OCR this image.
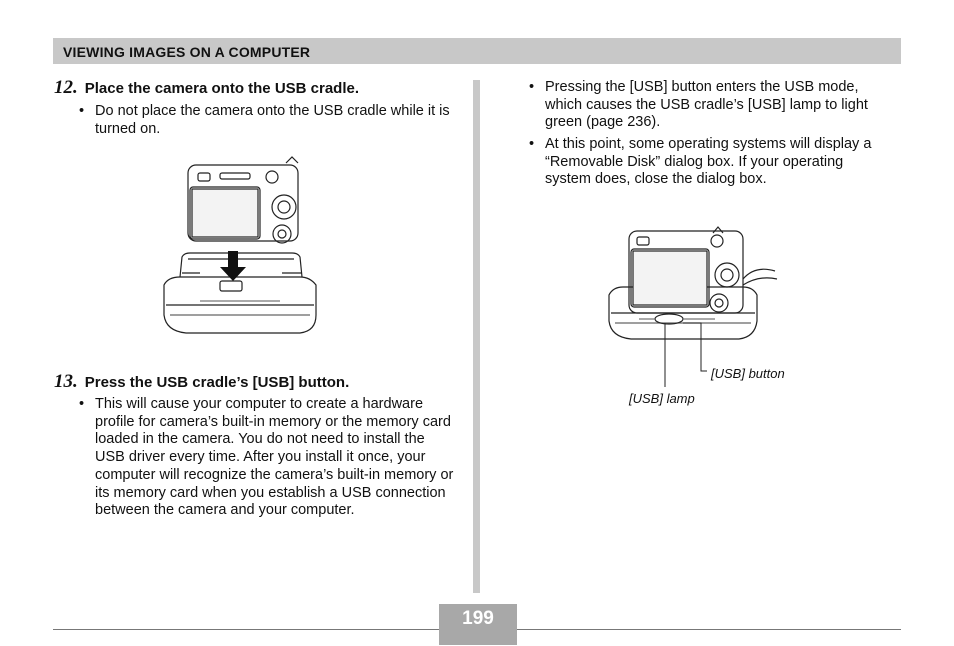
VIEWING IMAGES ON A COMPUTER
12. Place the camera onto the USB cradle.
• Do not place the camera onto the USB cradle while it is turned on.
13. Press the USB cradle’s [USB] button.
• This will cause your computer to create a hardware profile for camera’s built-in memory or the memory card loaded in the camera. You do not need to install the USB driver every time. After you install it once, your computer will recognize the camera’s built-in memory or its memory card when you establish a USB connection between the camera and your computer.
• Pressing the [USB] button enters the USB mode, which causes the USB cradle’s [USB] lamp to light green (page 236).
• At this point, some operating systems will display a “Removable Disk” dialog box. If your operating system does, close the dialog box.
[USB] button
[USB] lamp
199
